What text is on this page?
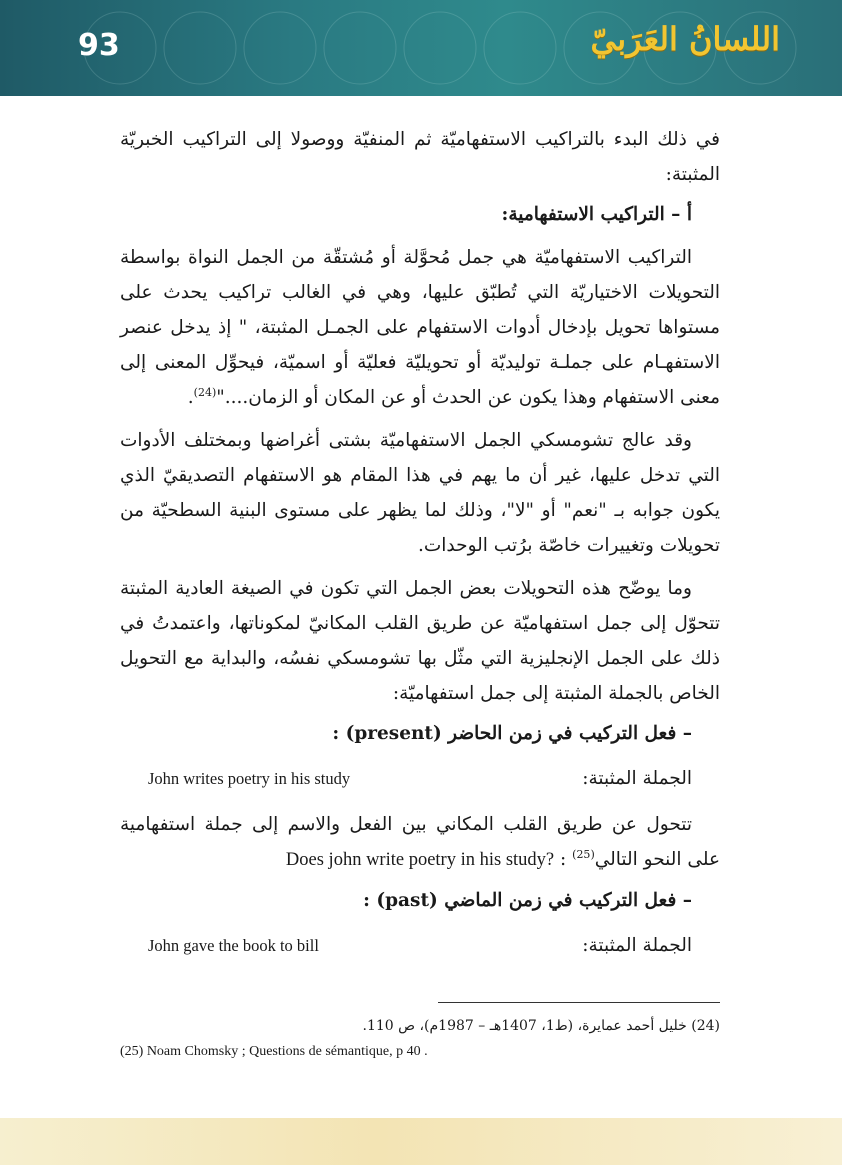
93	اللسانُ العَرَبيّ

في ذلك البدء بالتراكيب الاستفهاميّة ثم المنفيّة ووصولا إلى التراكيب الخبريّة المثبتة:

أ – التراكيب الاستفهامية:

التراكيب الاستفهاميّة هي جمل مُحوَّلة أو مُشتقّة من الجمل النواة بواسطة التحويلات الاختياريّة التي تُطبّق عليها، وهي في الغالب تراكيب يحدث على مستواها تحويل بإدخال أدوات الاستفهام على الجمـل المثبتة، " إذ يدخل عنصر الاستفهـام على جملـة توليديّة أو تحويليّة فعليّة أو اسميّة، فيحوِّل المعنى إلى معنى الاستفهام وهذا يكون عن الحدث أو عن المكان أو الزمان...."$^{(24)}$.

وقد عالج تشومسكي الجمل الاستفهاميّة بشتى أغراضها وبمختلف الأدوات التي تدخل عليها، غير أن ما يهم في هذا المقام هو الاستفهام التصديقيّ الذي يكون جوابه بـ "نعم" أو "لا"، وذلك لما يظهر على مستوى البنية السطحيّة من تحويلات وتغييرات خاصّة برُتب الوحدات.

وما يوضّح هذه التحويلات بعض الجمل التي تكون في الصيغة العادية المثبتة تتحوّل إلى جمل استفهاميّة عن طريق القلب المكانيّ لمكوناتها، واعتمدتُ في ذلك على الجمل الإنجليزية التي مثّل بها تشومسكي نفسُه، والبداية مع التحويل الخاص بالجملة المثبتة إلى جمل استفهاميّة:

– فعل التركيب في زمن الحاضر (present) :

الجملة المثبتة:
John writes poetry in his study

تتحول عن طريق القلب المكاني بين الفعل والاسم إلى جملة استفهامية على النحو التالي$^{(25)}$ : Does john write poetry in his study?

– فعل التركيب في زمن الماضي (past) :

الجملة المثبتة:
John gave the book to bill
(24) خليل أحمد عمايرة، (ط1، 1407هـ – 1987م)، ص 110.
(25) Noam Chomsky ; Questions de sémantique, p 40 .
